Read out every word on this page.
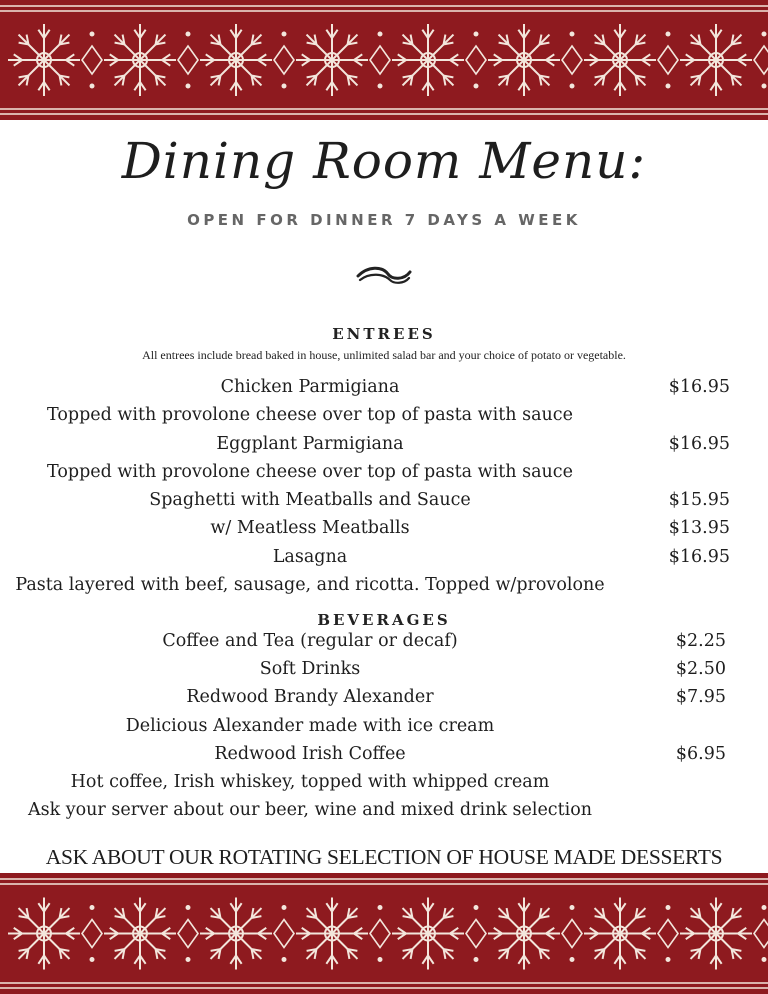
Dining Room Menu:
OPEN FOR DINNER 7 DAYS A WEEK
ENTREES
All entrees include bread baked in house, unlimited salad bar and your choice of potato or vegetable.
Chicken Parmigiana	$16.95
Topped with provolone cheese over top of pasta with sauce
Eggplant Parmigiana	$16.95
Topped with provolone cheese over top of pasta with sauce
Spaghetti with Meatballs and Sauce	$15.95
w/ Meatless Meatballs	$13.95
Lasagna	$16.95
Pasta layered with beef, sausage, and ricotta. Topped w/provolone
BEVERAGES
Coffee and Tea (regular or decaf)	$2.25
Soft Drinks	$2.50
Redwood Brandy Alexander	$7.95
Delicious Alexander made with ice cream
Redwood Irish Coffee	$6.95
Hot coffee, Irish whiskey, topped with whipped cream
Ask your server about our beer, wine and mixed drink selection
ASK ABOUT OUR ROTATING SELECTION OF HOUSE MADE DESSERTS
